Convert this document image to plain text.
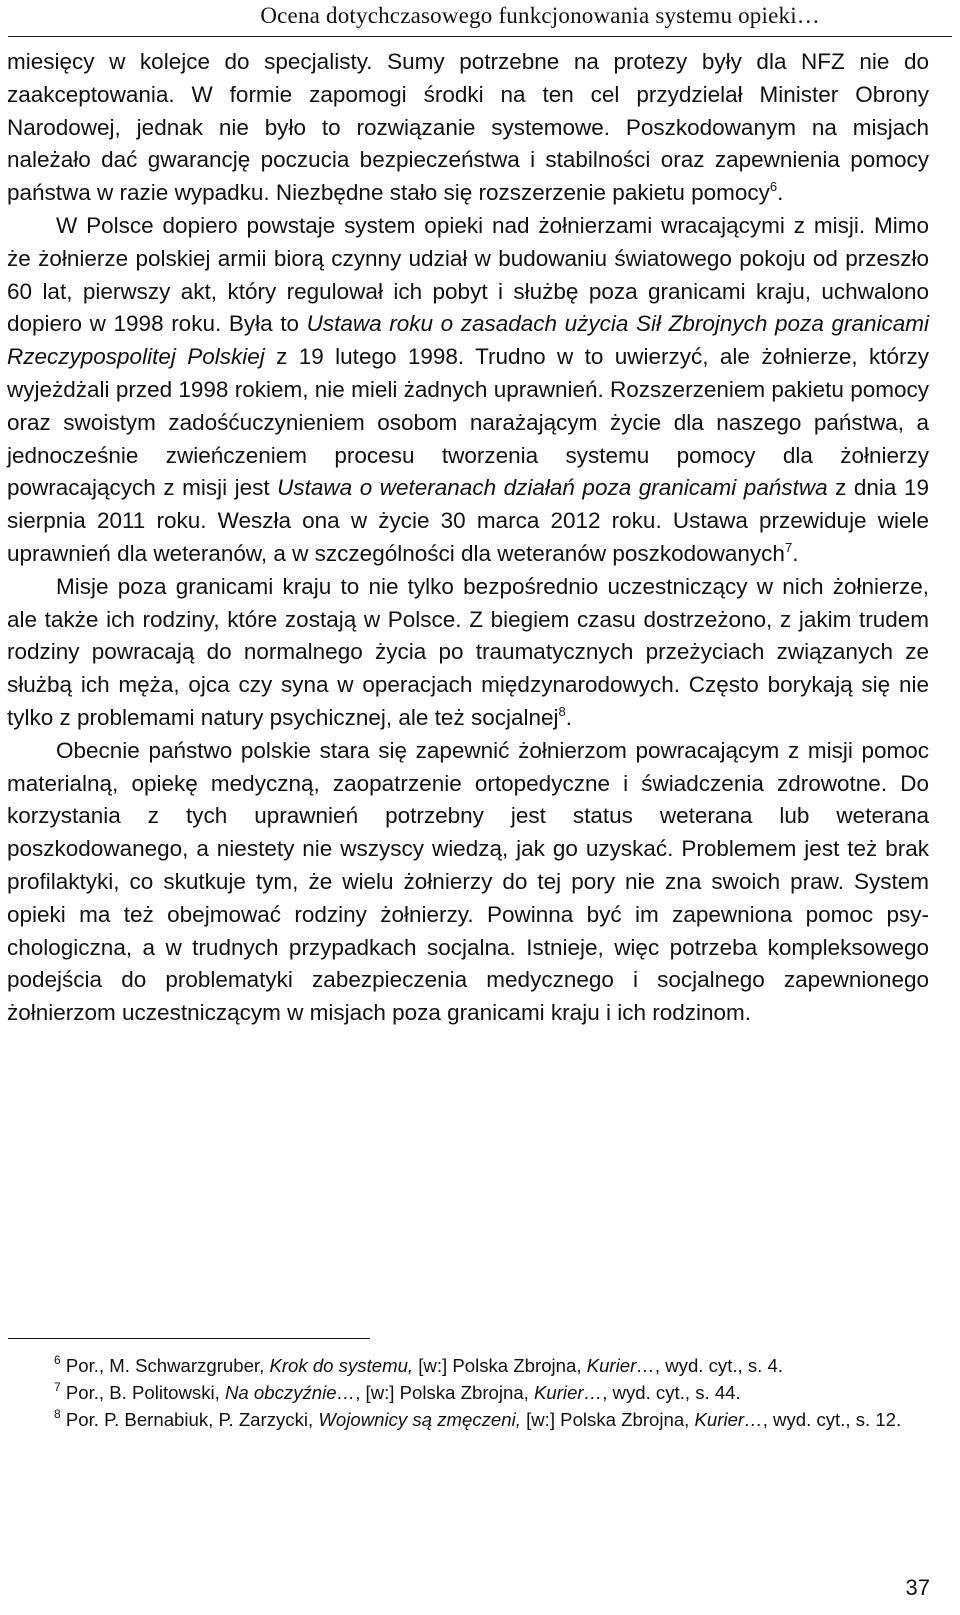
Ocena dotychczasowego funkcjonowania systemu opieki…

miesięcy w kolejce do specjalisty. Sumy potrzebne na protezy były dla NFZ nie do zaakceptowania. W formie zapomogi środki na ten cel przydzielał Minister Obrony Narodowej, jednak nie było to rozwiązanie systemowe. Poszkodowanym na misjach należało dać gwarancję poczucia bezpieczeństwa i stabilności oraz zapewnienia pomocy państwa w razie wypadku. Niezbędne stało się rozszerzenie pakietu pomocy$^6$.

W Polsce dopiero powstaje system opieki nad żołnierzami wracającymi z misji. Mimo że żołnierze polskiej armii biorą czynny udział w budowaniu światowego pokoju od przeszło 60 lat, pierwszy akt, który regulował ich pobyt i służbę poza granicami kraju, uchwalono dopiero w 1998 roku. Była to Ustawa roku o zasadach użycia Sił Zbrojnych poza granicami Rzeczypospolitej Polskiej z 19 lutego 1998. Trudno w to uwierzyć, ale żołnierze, którzy wyjeżdżali przed 1998 rokiem, nie mieli żadnych uprawnień. Rozszerzeniem pakietu pomocy oraz swoistym zadośćuczynieniem osobom narażającym życie dla naszego państwa, a jednocześnie zwieńczeniem procesu tworzenia systemu pomocy dla żołnierzy powracających z misji jest Ustawa o weteranach działań poza granicami państwa z dnia 19 sierpnia 2011 roku. Weszła ona w życie 30 marca 2012 roku. Ustawa przewiduje wiele uprawnień dla weteranów, a w szczególności dla weteranów poszkodowanych$^7$.

Misje poza granicami kraju to nie tylko bezpośrednio uczestniczący w nich żołnierze, ale także ich rodziny, które zostają w Polsce. Z biegiem czasu dostrzeżono, z jakim trudem rodziny powracają do normalnego życia po traumatycznych przeżyciach związanych ze służbą ich męża, ojca czy syna w operacjach międzynarodowych. Często borykają się nie tylko z problemami natury psychicznej, ale też socjalnej$^8$.

Obecnie państwo polskie stara się zapewnić żołnierzom powracającym z misji pomoc materialną, opiekę medyczną, zaopatrzenie ortopedyczne i świadczenia zdrowotne. Do korzystania z tych uprawnień potrzebny jest status weterana lub weterana poszkodowanego, a niestety nie wszyscy wiedzą, jak go uzyskać. Problemem jest też brak profilaktyki, co skutkuje tym, że wielu żołnierzy do tej pory nie zna swoich praw. System opieki ma też obejmować rodziny żołnierzy. Powinna być im zapewniona pomoc psychologiczna, a w trudnych przypadkach socjalna. Istnieje, więc potrzeba kompleksowego podejścia do problematyki zabezpieczenia medycznego i socjalnego zapewnionego żołnierzom uczestniczącym w misjach poza granicami kraju i ich rodzinom.

$^6$ Por., M. Schwarzgruber, Krok do systemu, [w:] Polska Zbrojna, Kurier…, wyd. cyt., s. 4.

$^7$ Por., B. Politowski, Na obczyźnie…, [w:] Polska Zbrojna, Kurier…, wyd. cyt., s. 44.

$^8$ Por. P. Bernabiuk, P. Zarzycki, Wojownicy są zmęczeni, [w:] Polska Zbrojna, Kurier…, wyd. cyt., s. 12.

37
